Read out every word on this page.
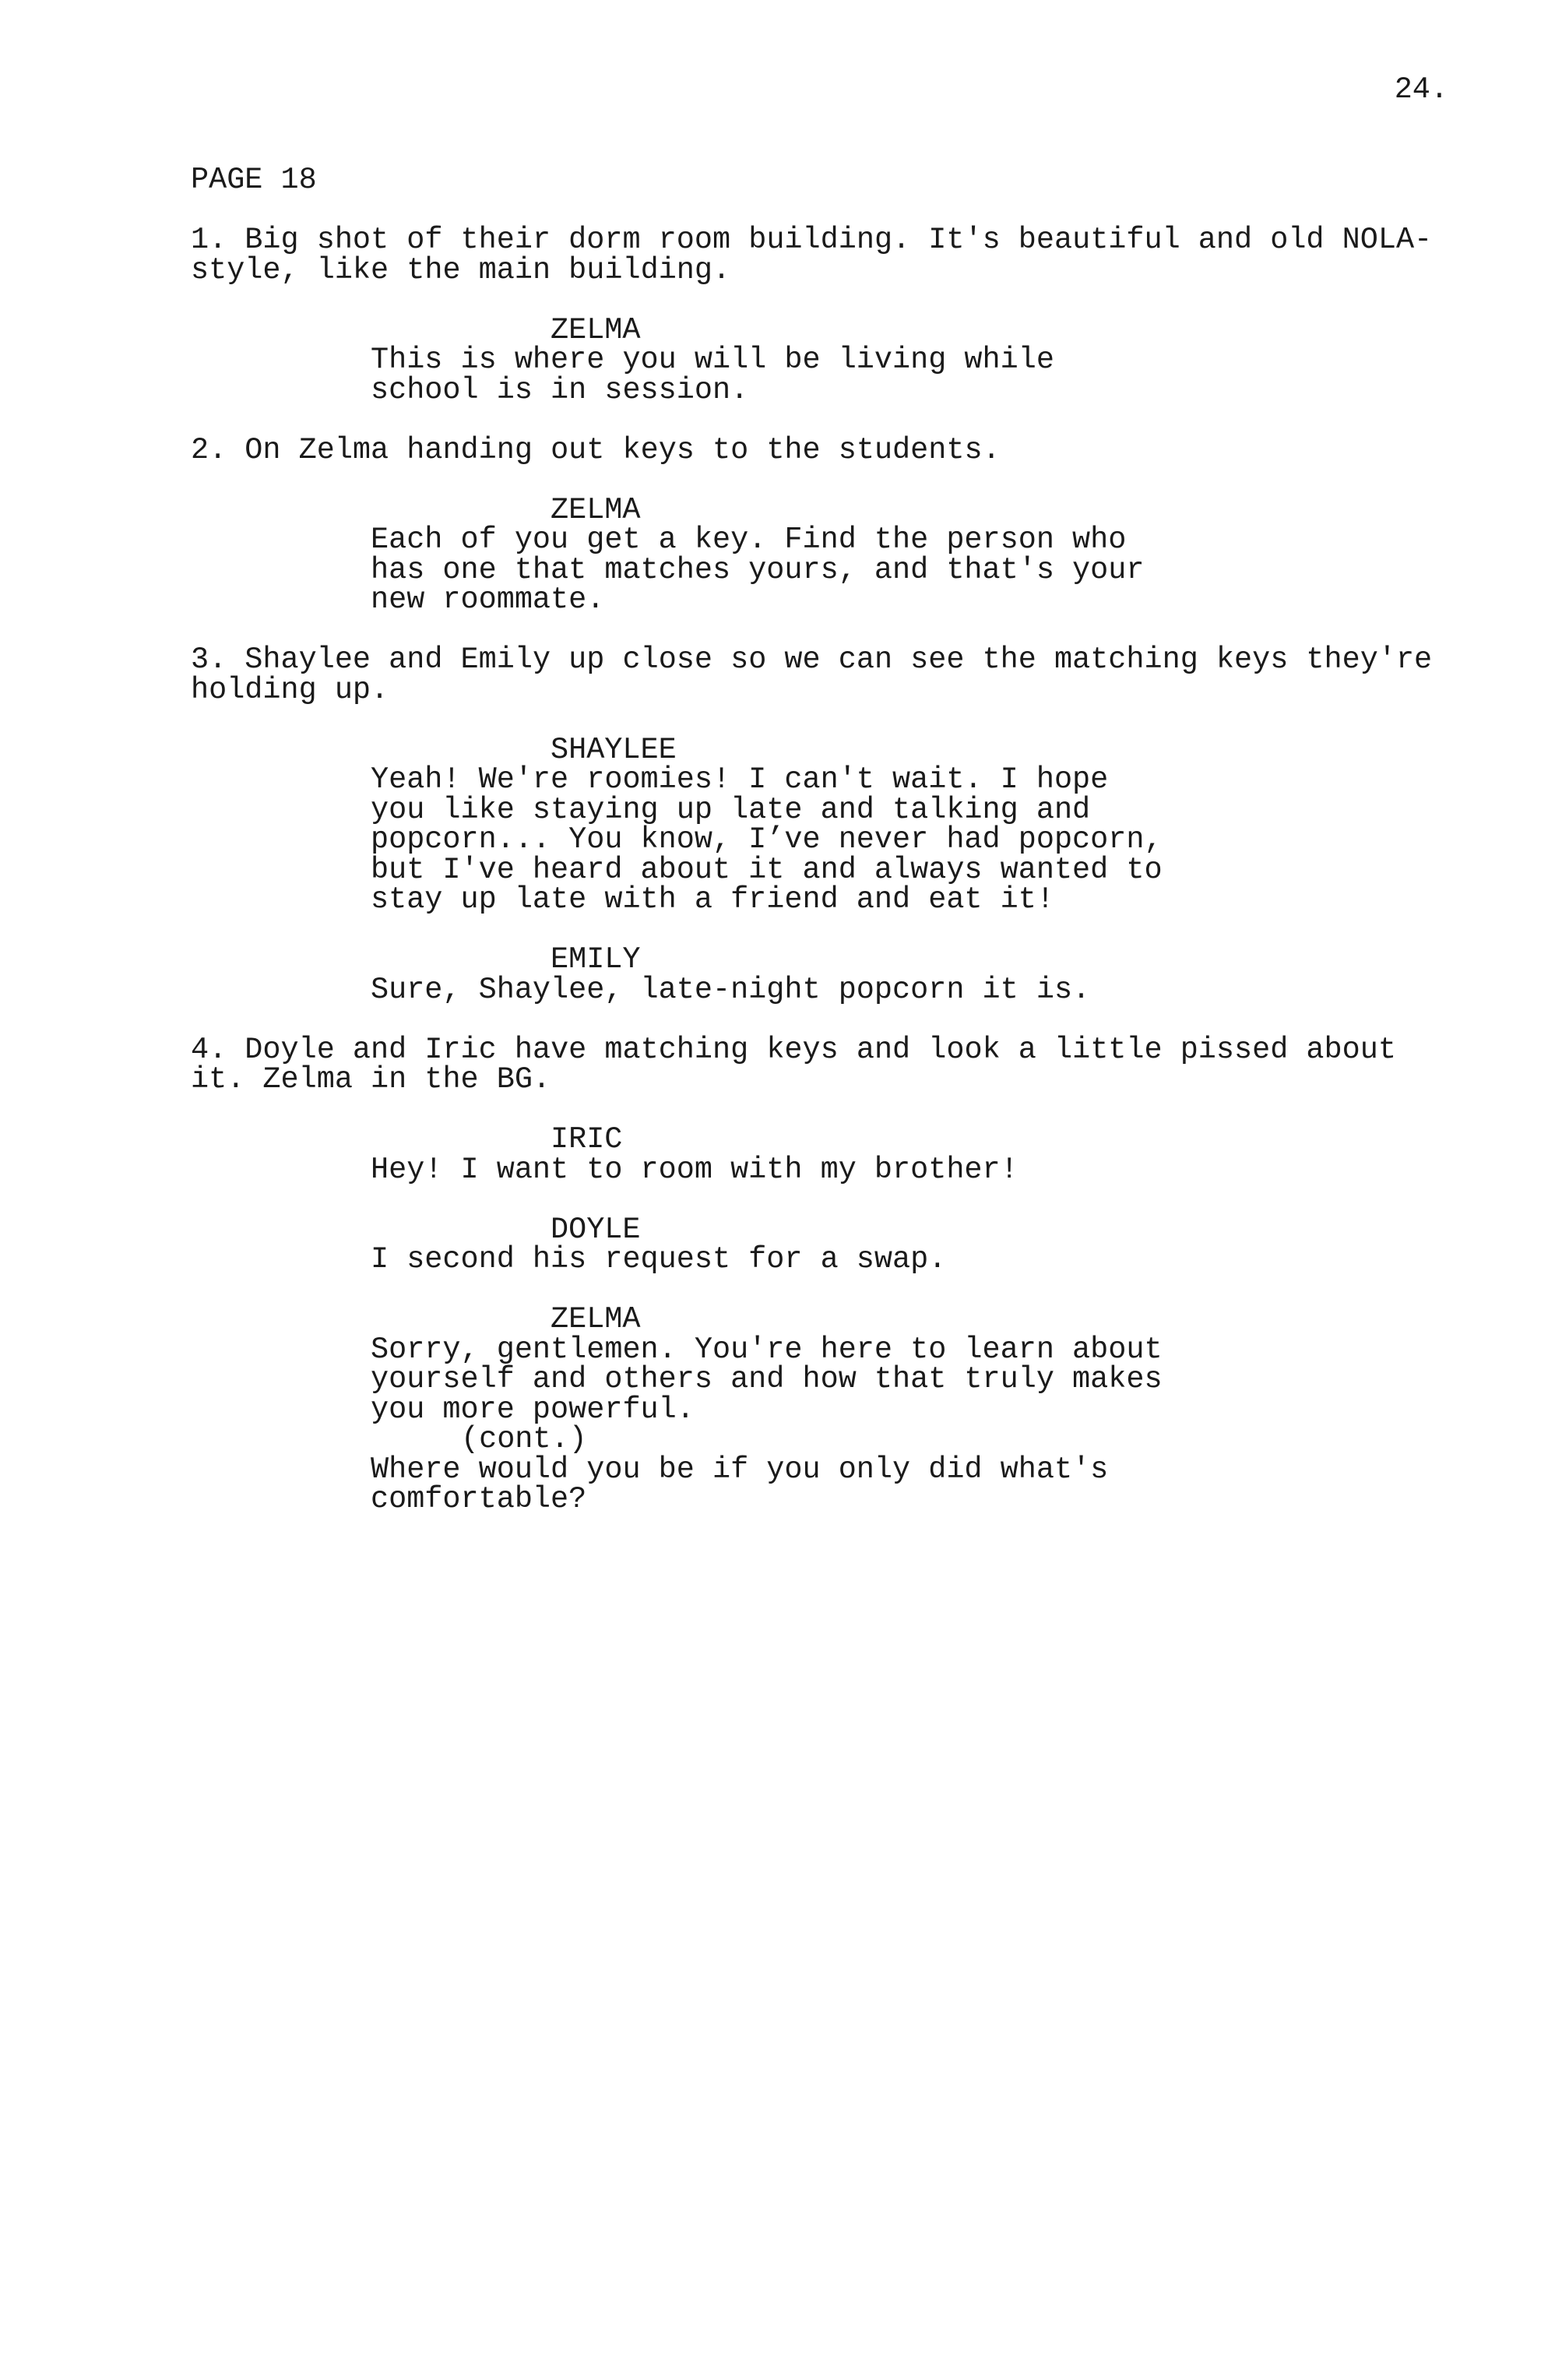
24.
PAGE 18
1. Big shot of their dorm room building. It's beautiful and old NOLA-
style, like the main building.
ZELMA
This is where you will be living while
school is in session.
2. On Zelma handing out keys to the students.
ZELMA
Each of you get a key. Find the person who
has one that matches yours, and that's your
new roommate.
3. Shaylee and Emily up close so we can see the matching keys they're
holding up.
SHAYLEE
Yeah! We're roomies! I can't wait. I hope
you like staying up late and talking and
popcorn... You know, I’ve never had popcorn,
but I've heard about it and always wanted to
stay up late with a friend and eat it!
EMILY
Sure, Shaylee, late-night popcorn it is.
4. Doyle and Iric have matching keys and look a little pissed about
it. Zelma in the BG.
IRIC
Hey! I want to room with my brother!
DOYLE
I second his request for a swap.
ZELMA
Sorry, gentlemen. You're here to learn about
yourself and others and how that truly makes
you more powerful.
(cont.)
Where would you be if you only did what's
comfortable?
